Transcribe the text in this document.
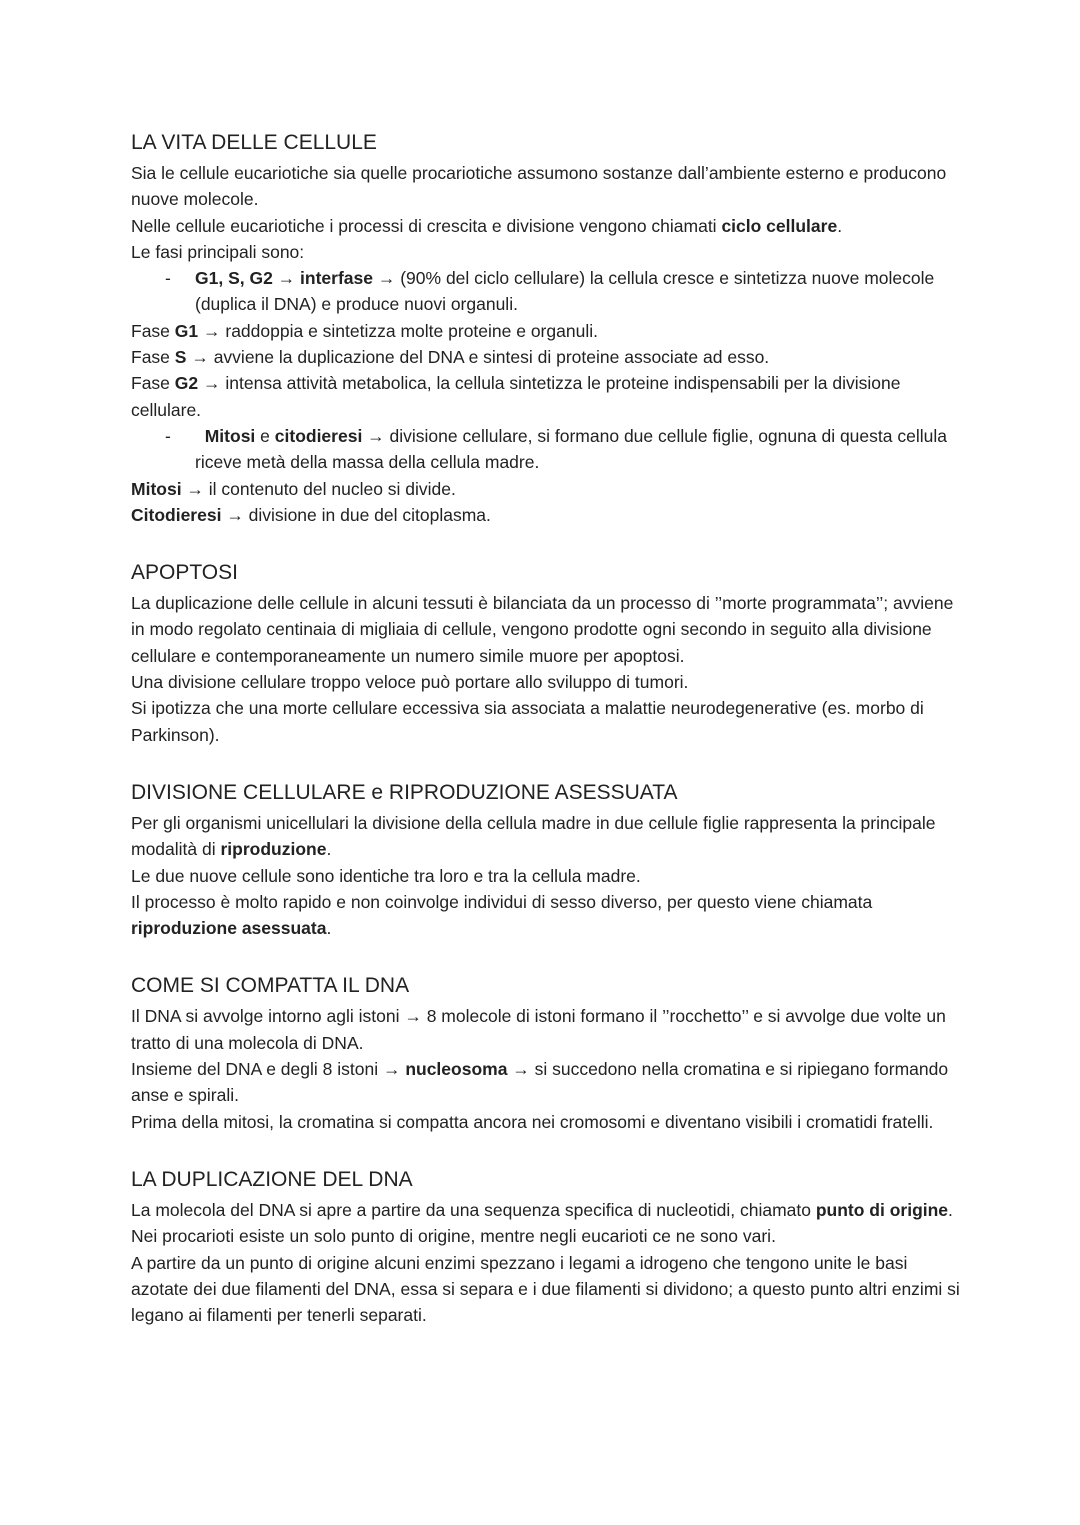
LA VITA DELLE CELLULE

Sia le cellule eucariotiche sia quelle procariotiche assumono sostanze dall’ambiente esterno e producono nuove molecole.

Nelle cellule eucariotiche i processi di crescita e divisione vengono chiamati ciclo cellulare.

Le fasi principali sono:

- G1, S, G2 → interfase → (90% del ciclo cellulare) la cellula cresce e sintetizza nuove molecole (duplica il DNA) e produce nuovi organuli.

Fase G1 → raddoppia e sintetizza molte proteine e organuli.

Fase S → avviene la duplicazione del DNA e sintesi di proteine associate ad esso.

Fase G2 → intensa attività metabolica, la cellula sintetizza le proteine indispensabili per la divisione cellulare.

- Mitosi e citodieresi → divisione cellulare, si formano due cellule figlie, ognuna di questa cellula riceve metà della massa della cellula madre.

Mitosi → il contenuto del nucleo si divide.

Citodieresi → divisione in due del citoplasma.

APOPTOSI

La duplicazione delle cellule in alcuni tessuti è bilanciata da un processo di ’’morte programmata’’; avviene in modo regolato centinaia di migliaia di cellule, vengono prodotte ogni secondo in seguito alla divisione cellulare e contemporaneamente un numero simile muore per apoptosi.

Una divisione cellulare troppo veloce può portare allo sviluppo di tumori.

Si ipotizza che una morte cellulare eccessiva sia associata a malattie neurodegenerative (es. morbo di Parkinson).

DIVISIONE CELLULARE e RIPRODUZIONE ASESSUATA

Per gli organismi unicellulari la divisione della cellula madre in due cellule figlie rappresenta la principale modalità di riproduzione.

Le due nuove cellule sono identiche tra loro e tra la cellula madre.

Il processo è molto rapido e non coinvolge individui di sesso diverso, per questo viene chiamata riproduzione asessuata.

COME SI COMPATTA IL DNA

Il DNA si avvolge intorno agli istoni → 8 molecole di istoni formano il ’’rocchetto’’ e si avvolge due volte un tratto di una molecola di DNA.

Insieme del DNA e degli 8 istoni → nucleosoma → si succedono nella cromatina e si ripiegano formando anse e spirali.

Prima della mitosi, la cromatina si compatta ancora nei cromosomi e diventano visibili i cromatidi fratelli.

LA DUPLICAZIONE DEL DNA

La molecola del DNA si apre a partire da una sequenza specifica di nucleotidi, chiamato punto di origine.

Nei procarioti esiste un solo punto di origine, mentre negli eucarioti ce ne sono vari.

A partire da un punto di origine alcuni enzimi spezzano i legami a idrogeno che tengono unite le basi azotate dei due filamenti del DNA, essa si separa e i due filamenti si dividono; a questo punto altri enzimi si legano ai filamenti per tenerli separati.
